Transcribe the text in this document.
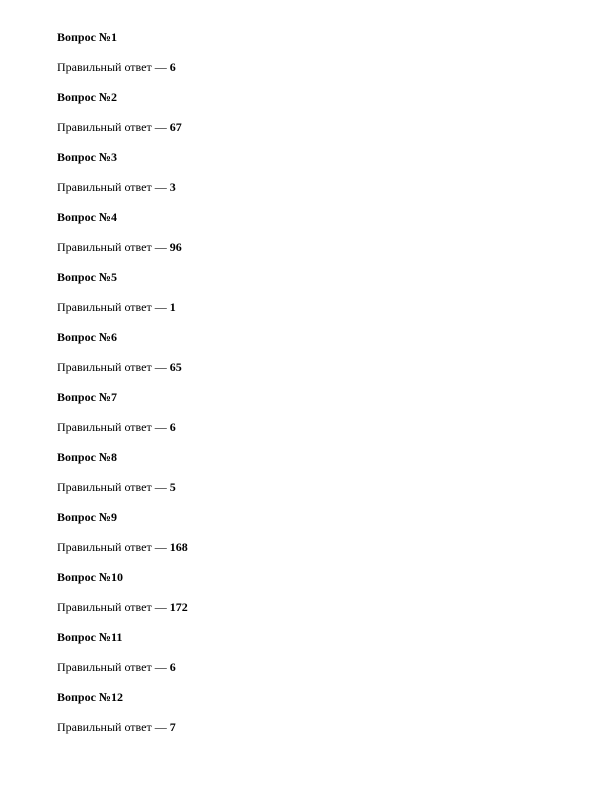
Вопрос №1
Правильный ответ — 6
Вопрос №2
Правильный ответ — 67
Вопрос №3
Правильный ответ — 3
Вопрос №4
Правильный ответ — 96
Вопрос №5
Правильный ответ — 1
Вопрос №6
Правильный ответ — 65
Вопрос №7
Правильный ответ — 6
Вопрос №8
Правильный ответ — 5
Вопрос №9
Правильный ответ — 168
Вопрос №10
Правильный ответ — 172
Вопрос №11
Правильный ответ — 6
Вопрос №12
Правильный ответ — 7
